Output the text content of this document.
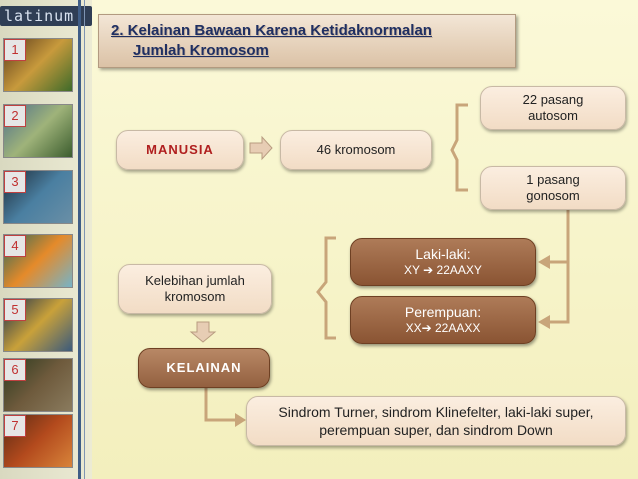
latinum
1
2
3
4
5
6
7
2. Kelainan Bawaan Karena Ketidaknormalan
Jumlah Kromosom
MANUSIA	46 kromosom
22 pasang
autosom
1 pasang
gonosom
Laki-laki:
XY ➔ 22AAXY
Perempuan:
XX➔ 22AAXX
Kelebihan jumlah
kromosom
KELAINAN
Sindrom Turner, sindrom Klinefelter, laki-laki super,
perempuan super, dan sindrom Down
